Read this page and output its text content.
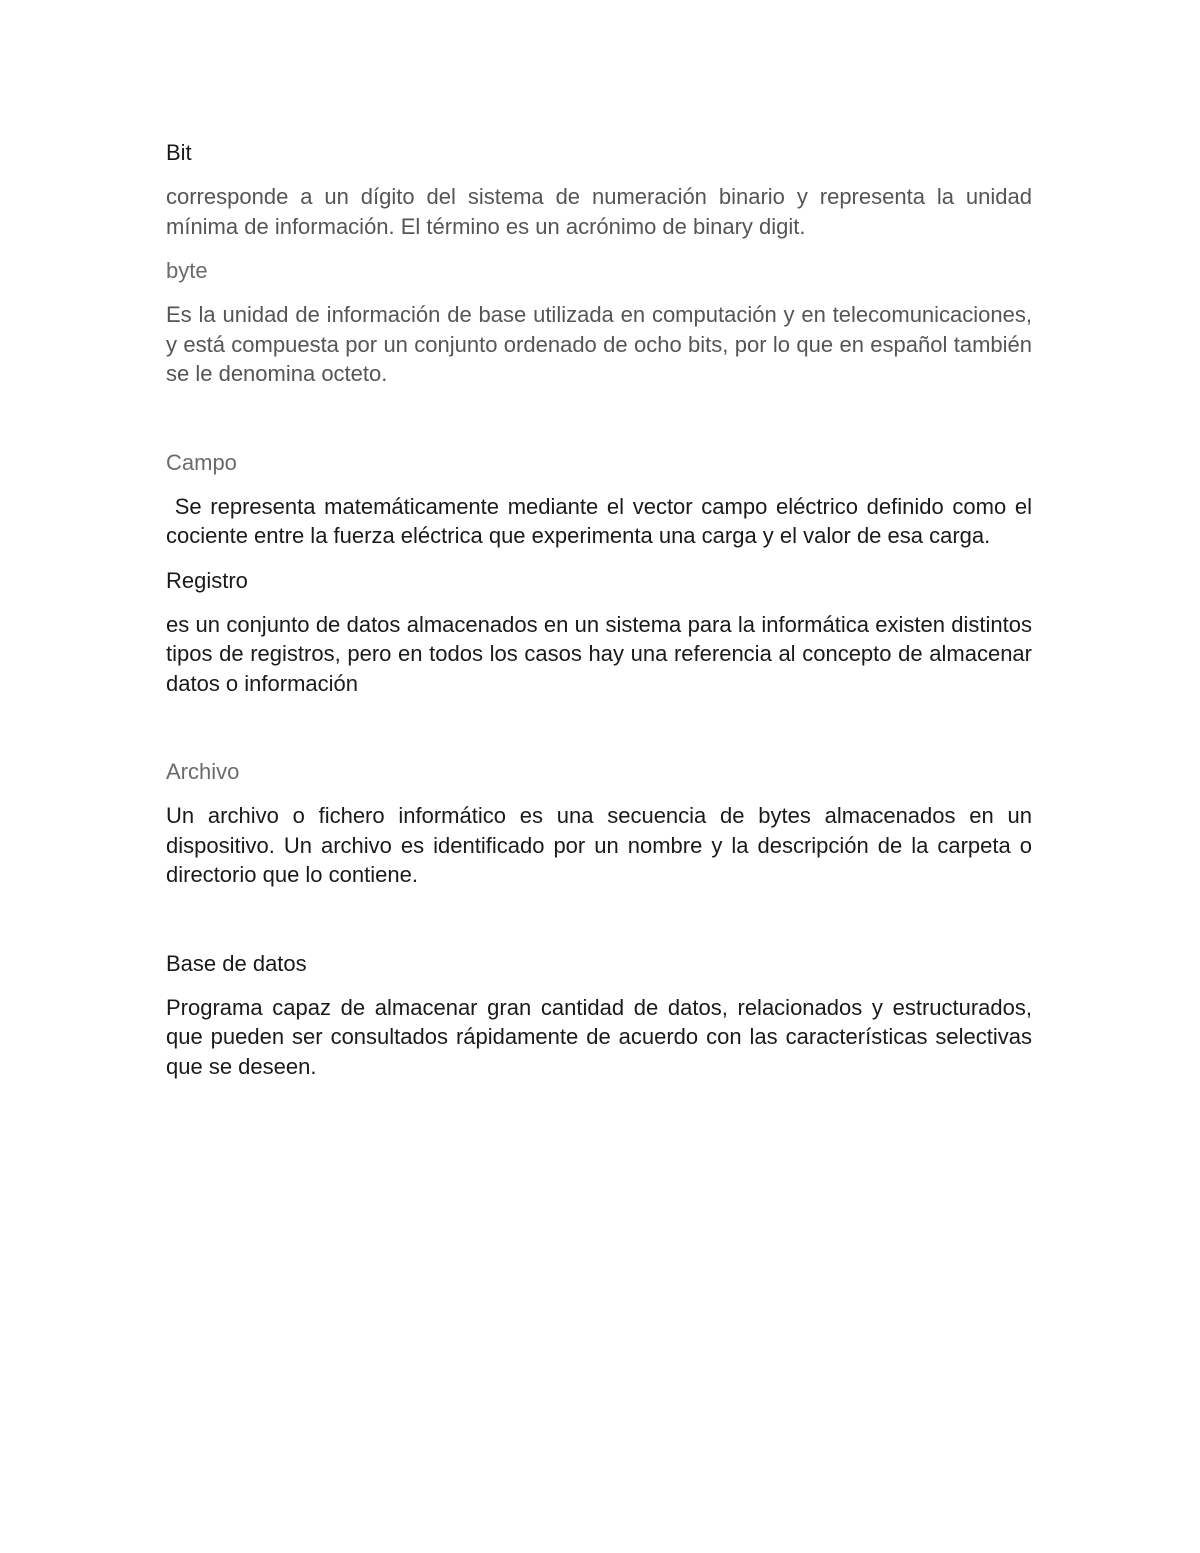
Bit
corresponde a un dígito del sistema de numeración binario y representa la unidad mínima de información. El término es un acrónimo de binary digit.
byte
Es la unidad de información de base utilizada en computación y en telecomunicaciones, y está compuesta por un conjunto ordenado de ocho bits, por lo que en español también se le denomina octeto.
Campo
Se representa matemáticamente mediante el vector campo eléctrico definido como el cociente entre la fuerza eléctrica que experimenta una carga y el valor de esa carga.
Registro
es un conjunto de datos almacenados en un sistema para la informática existen distintos tipos de registros, pero en todos los casos hay una referencia al concepto de almacenar datos o información
Archivo
Un archivo o fichero informático es una secuencia de bytes almacenados en un dispositivo. Un archivo es identificado por un nombre y la descripción de la carpeta o directorio que lo contiene.
Base de datos
Programa capaz de almacenar gran cantidad de datos, relacionados y estructurados, que pueden ser consultados rápidamente de acuerdo con las características selectivas que se deseen.
